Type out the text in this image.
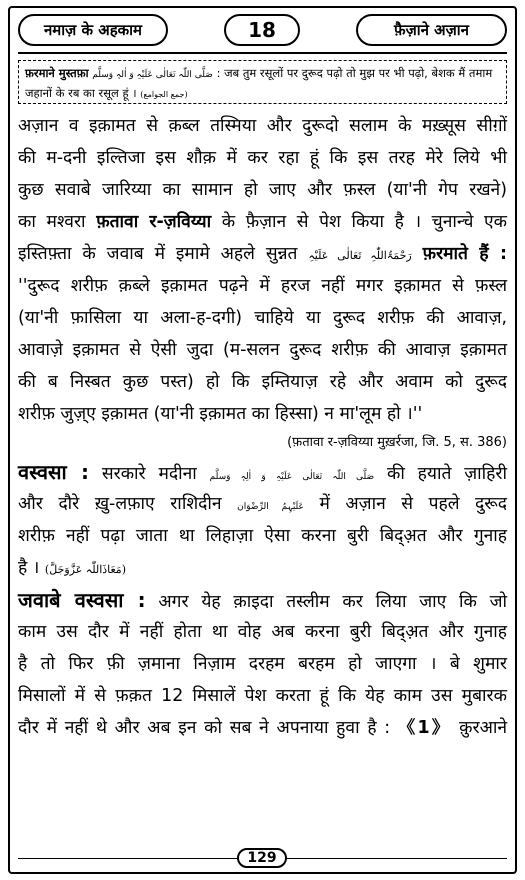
नमाज़ के अहकाम	18	फ़ैज़ाने अज़ान
फ़रमाने मुस्तफ़ा صَلَّی اللّٰہ تَعَالٰی عَلَیْہِ وَ اٰلہٖ وَسلَّم : जब तुम रसूलों पर दुरूद पढ़ो तो मुझ पर भी पढ़ो, बेशक मैं तमाम
जहानों के रब का रसूल हूं । (جمع الجوامع)
अज़ान व इक़ामत से क़ब्ल तस्मिया और दुरूदो सलाम के मख़्सूस सीग़ों
की म-दनी इल्तिजा इस शौक़ में कर रहा हूं कि इस तरह मेरे लिये भी
कुछ सवाबे जारिय्या का सामान हो जाए और फ़स्ल (या'नी गेप रखने)
का मश्वरा फ़तावा र-ज़विय्या के फ़ैज़ान से पेश किया है । चुनान्चे एक
इस्तिफ़्ता के जवाब में इमामे अहले सुन्नत رَحْمَۃُاللّٰہِ تَعَالٰی عَلَیْہِ फ़रमाते हैं :
''दुरूद शरीफ़ क़ब्ले इक़ामत पढ़ने में हरज नहीं मगर इक़ामत से फ़स्ल
(या'नी फ़ासिला या अला-ह-दगी) चाहिये या दुरूद शरीफ़ की आवाज़,
आवाज़े इक़ामत से ऐसी जुदा (म-सलन दुरूद शरीफ़ की आवाज़ इक़ामत
की ब निस्बत कुछ पस्त) हो कि इम्तियाज़ रहे और अवाम को दुरूद
शरीफ़ जुज़्ए इक़ामत (या'नी इक़ामत का हिस्सा) न मा'लूम हो ।''
(फ़तावा र-ज़विय्या मुख़र्रजा, जि. 5, स. 386)
वस्वसा : सरकारे मदीना صَلَّی اللّٰہ تَعَالٰی عَلَیْہِ وَ اٰلِہٖ وَسلَّم की हयाते ज़ाहिरी
और दौरे ख़ु-लफ़ाए राशिदीन عَلَیْہِمُ الرِّضْوَان में अज़ान से पहले दुरूद
शरीफ़ नहीं पढ़ा जाता था लिहाज़ा ऐसा करना बुरी बिद्अ़त और गुनाह
है । (مَعَاذَاللّٰہ عَزَّوَجَلَّ)
जवाबे वस्वसा : अगर येह क़ाइदा तस्लीम कर लिया जाए कि जो
काम उस दौर में नहीं होता था वोह अब करना बुरी बिद्अ़त और गुनाह
है तो फिर फ़ी ज़माना निज़ाम दरहम बरहम हो जाएगा । बे शुमार
मिसालों में से फ़क़त 12 मिसालें पेश करता हूं कि येह काम उस मुबारक
दौर में नहीं थे और अब इन को सब ने अपनाया हुवा है : 《1》 क़ुरआने
129
